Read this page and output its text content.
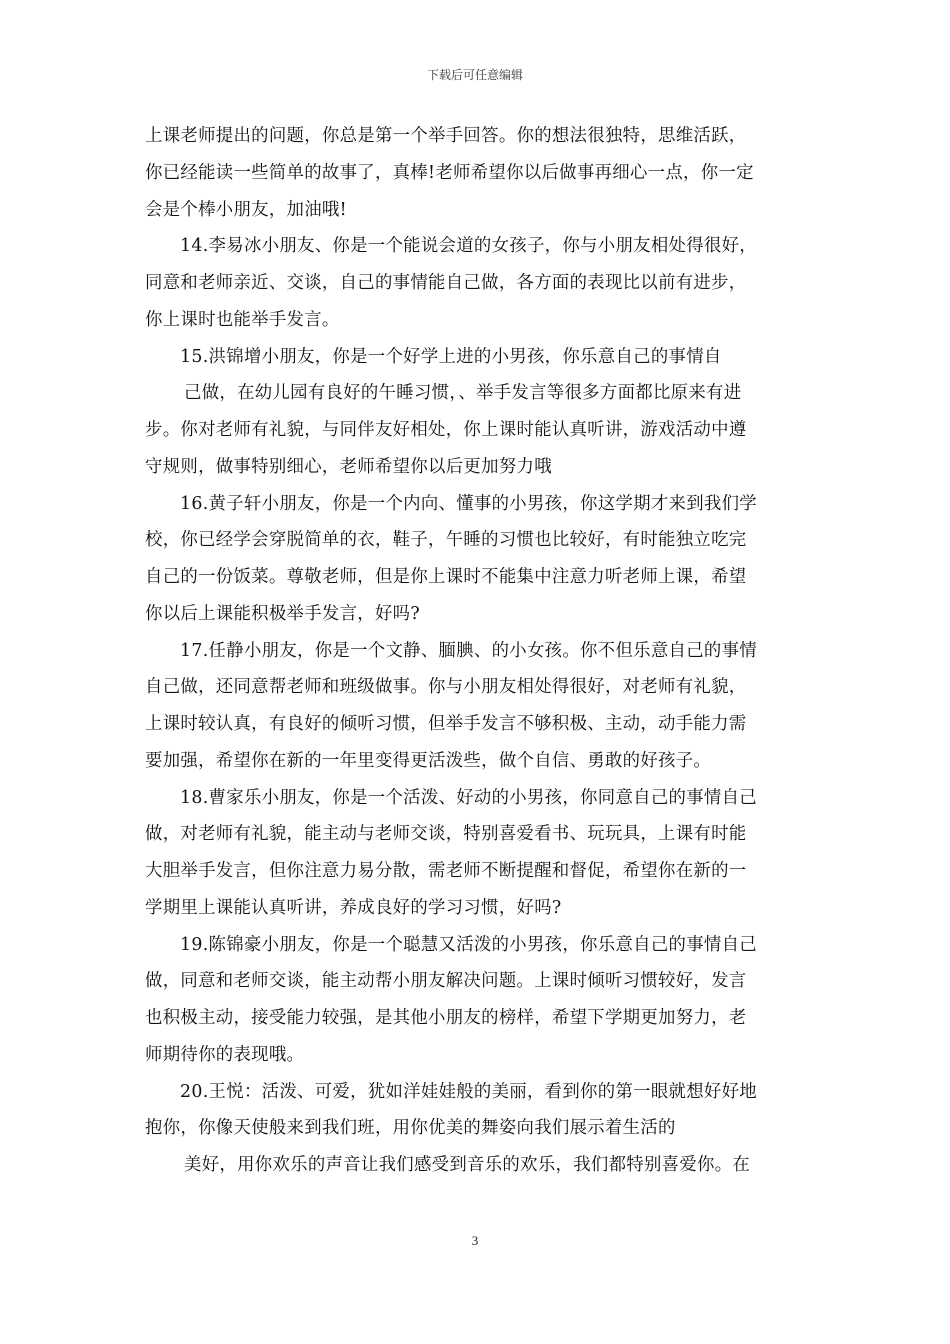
下载后可任意编辑
上课老师提出的问题，你总是第一个举手回答。你的想法很独特，思维活跃，
你已经能读一些简单的故事了，真棒!老师希望你以后做事再细心一点，你一定
会是个棒小朋友，加油哦!
14.李易冰小朋友、你是一个能说会道的女孩子，你与小朋友相处得很好，
同意和老师亲近、交谈，自己的事情能自己做，各方面的表现比以前有进步，
你上课时也能举手发言。
15.洪锦增小朋友，你是一个好学上进的小男孩，你乐意自己的事情自
己做，在幼儿园有良好的午睡习惯，、举手发言等很多方面都比原来有进
步。你对老师有礼貌，与同伴友好相处，你上课时能认真听讲，游戏活动中遵
守规则，做事特别细心，老师希望你以后更加努力哦
16.黄子轩小朋友，你是一个内向、懂事的小男孩，你这学期才来到我们学
校，你已经学会穿脱简单的衣，鞋子，午睡的习惯也比较好，有时能独立吃完
自己的一份饭菜。尊敬老师，但是你上课时不能集中注意力听老师上课，希望
你以后上课能积极举手发言，好吗?
17.任静小朋友，你是一个文静、腼腆、的小女孩。你不但乐意自己的事情
自己做，还同意帮老师和班级做事。你与小朋友相处得很好，对老师有礼貌，
上课时较认真，有良好的倾听习惯，但举手发言不够积极、主动，动手能力需
要加强，希望你在新的一年里变得更活泼些，做个自信、勇敢的好孩子。
18.曹家乐小朋友，你是一个活泼、好动的小男孩，你同意自己的事情自己
做，对老师有礼貌，能主动与老师交谈，特别喜爱看书、玩玩具，上课有时能
大胆举手发言，但你注意力易分散，需老师不断提醒和督促，希望你在新的一
学期里上课能认真听讲，养成良好的学习习惯，好吗?
19.陈锦豪小朋友，你是一个聪慧又活泼的小男孩，你乐意自己的事情自己
做，同意和老师交谈，能主动帮小朋友解决问题。上课时倾听习惯较好，发言
也积极主动，接受能力较强，是其他小朋友的榜样，希望下学期更加努力，老
师期待你的表现哦。
20.王悦：活泼、可爱，犹如洋娃娃般的美丽，看到你的第一眼就想好好地
抱你，你像天使般来到我们班，用你优美的舞姿向我们展示着生活的
美好，用你欢乐的声音让我们感受到音乐的欢乐，我们都特别喜爱你。在
3
